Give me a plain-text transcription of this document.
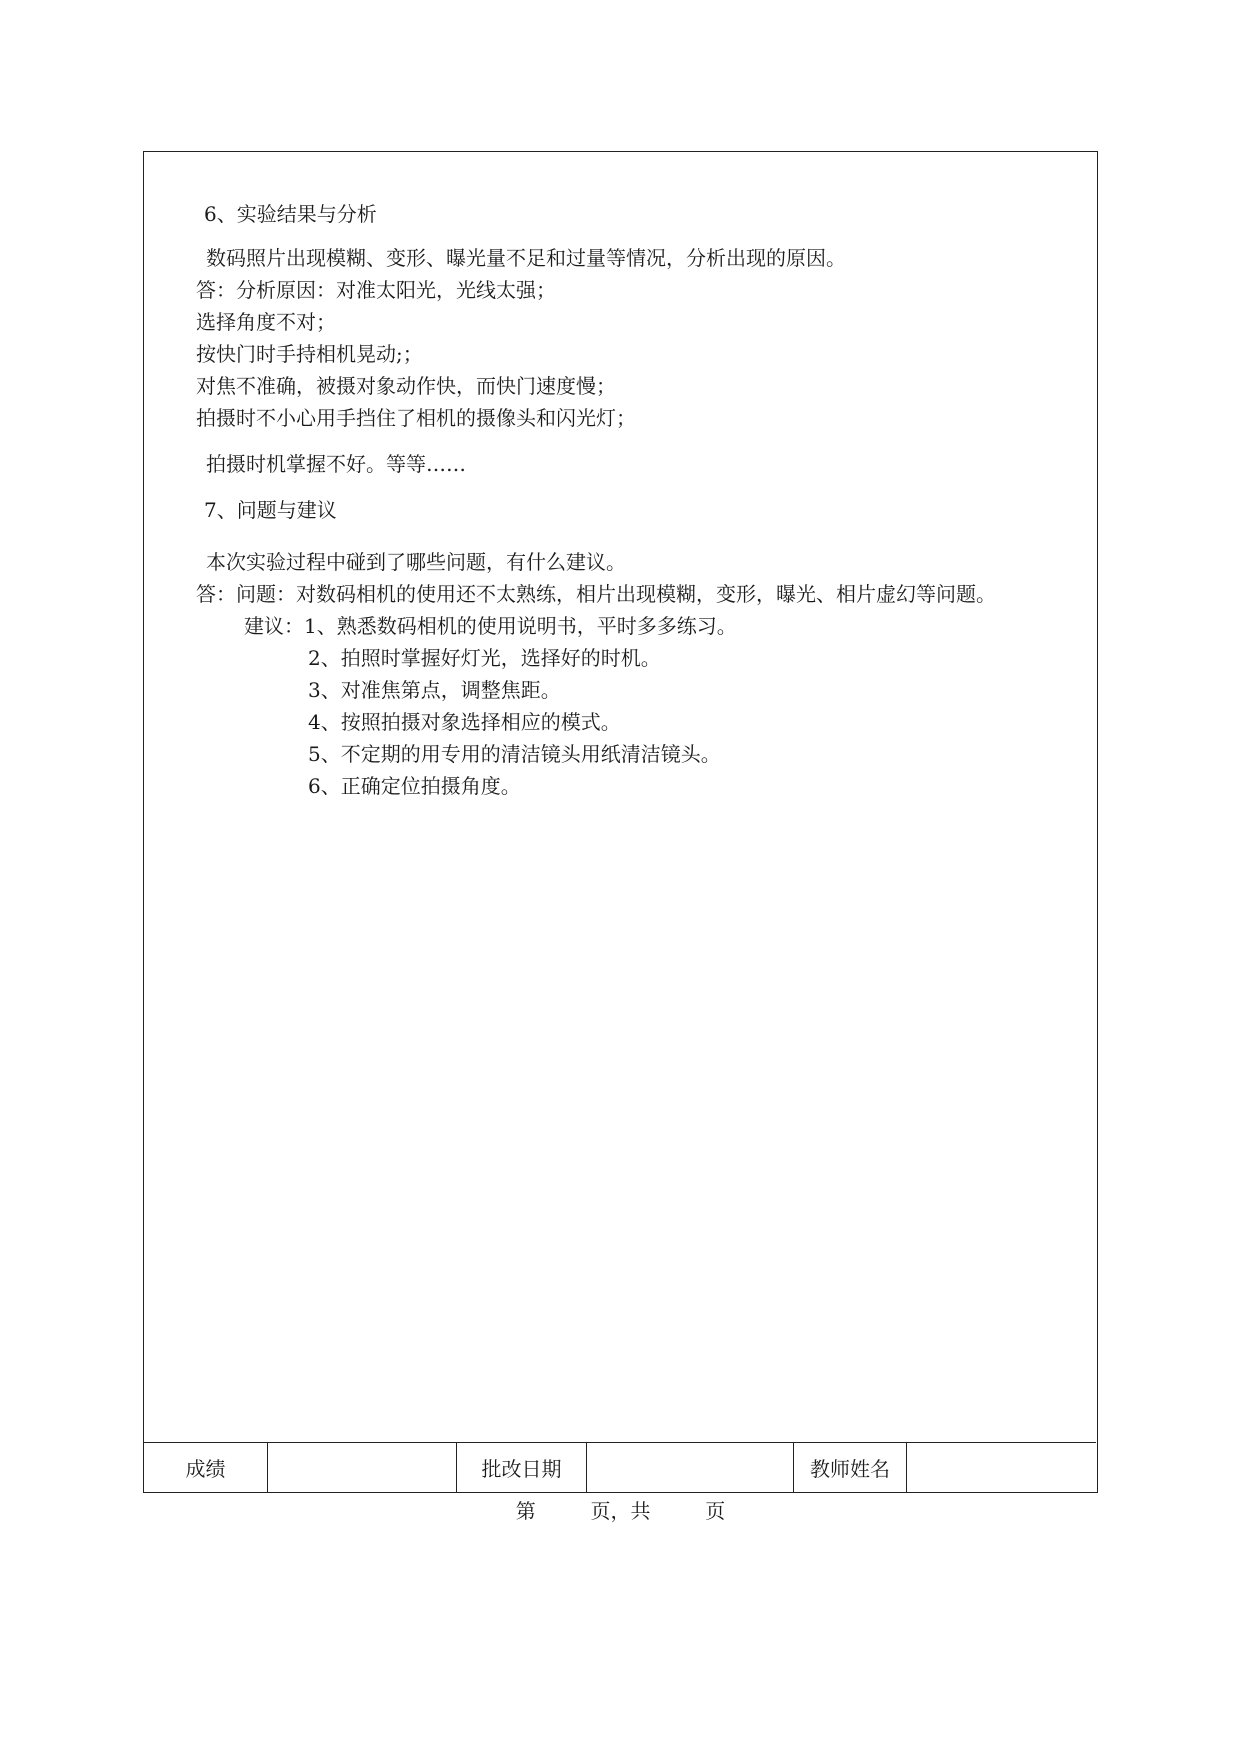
6、实验结果与分析
数码照片出现模糊、变形、曝光量不足和过量等情况，分析出现的原因。
答：分析原因：对准太阳光，光线太强；
选择角度不对；
按快门时手持相机晃动;；
对焦不准确，被摄对象动作快，而快门速度慢；
拍摄时不小心用手挡住了相机的摄像头和闪光灯；
拍摄时机掌握不好。等等……
7、问题与建议
本次实验过程中碰到了哪些问题，有什么建议。
答：问题：对数码相机的使用还不太熟练，相片出现模糊，变形，曝光、相片虚幻等问题。
建议：1、熟悉数码相机的使用说明书，平时多多练习。
2、拍照时掌握好灯光，选择好的时机。
3、对准焦第点，调整焦距。
4、按照拍摄对象选择相应的模式。
5、不定期的用专用的清洁镜头用纸清洁镜头。
6、正确定位拍摄角度。
成绩	批改日期	教师姓名
第	页，共	页
